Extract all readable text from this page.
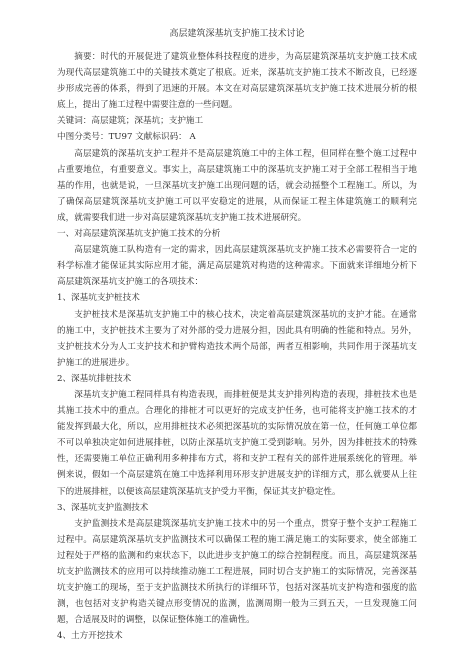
高层建筑深基坑支护施工技术讨论

摘要：时代的开展促进了建筑业整体科技程度的进步，为高层建筑深基坑支护施工技术成为现代高层建筑施工中的关键技术奠定了根底。近来，深基坑支护施工技术不断改良，已经逐步形成完善的体系，得到了迅速的开展。本文在对高层建筑深基坑支护施工技术进展分析的根底上，提出了施工过程中需要注意的一些问题。

关键词：高层建筑；深基坑；支护施工

中图分类号：TU97 文献标识码： A

高层建筑的深基坑支护工程并不是高层建筑施工中的主体工程，但同样在整个施工过程中占重要地位，有重要意义。事实上，高层建筑施工中的深基坑支护施工对于全部工程相当于地基的作用，也就是说，一旦深基坑支护施工出现问题的话，就会动摇整个工程施工。所以，为了确保高层建筑深基坑支护施工可以平安稳定的进展，从而保证工程主体建筑施工的顺利完成，就需要我们进一步对高层建筑深基坑支护施工技术进展研究。

一、对高层建筑深基坑支护施工技术的分析

高层建筑施工队构造有一定的需求，因此高层建筑深基坑支护施工技术必需要符合一定的科学标准才能保证其实际应用才能，满足高层建筑对构造的这种需求。下面就来详细地分析下高层建筑深基坑支护施工的各项技术：

1、深基坑支护桩技术

支护桩技术是深基坑支护施工中的核心技术，决定着高层建筑深基坑的支护才能。在通常的施工中，支护桩技术主要为了对外部的受力进展分担，因此具有明确的性能和特点。另外，支护桩技术分为人工支护技术和护臂构造技术两个局部，两者互相影响，共同作用于深基坑支护施工的进展进步。

2、深基坑排桩技术

深基坑支护施工程同样具有构造表现，而排桩便是其支护排列构造的表现，排桩技术也是其施工技术中的重点。合理化的排桩才可以更好的完成支护任务，也可能将支护施工技术的才能发挥到最大化，所以，应用排桩技术必须把深基坑的实际情况放在第一位，任何施工单位都不可以单独决定如何进展排桩，以防止深基坑支护施工受到影响。另外，因为排桩技术的特殊性，还需要施工单位正确利用多种排布方式，将和支护工程有关的部件进展系统化的管理。举例来说，假如一个高层建筑在施工中选择利用环形支护进展支护的详细方式，那么就要从上往下的进展排桩，以便该高层建筑深基坑支护受力平衡，保证其支护稳定性。

3、深基坑支护监测技术

支护监测技术是高层建筑深基坑支护施工技术中的另一个重点，贯穿于整个支护工程施工过程中。高层建筑深基坑支护监测技术可以确保工程的施工满足施工的实际要求，使全部施工过程处于严格的监测和约束状态下，以此进步支护施工的综合控制程度。而且，高层建筑深基坑支护监测技术的应用可以持续推动施工工程进展，同时切合支护施工的实际情况，完善深基坑支护施工的现场，至于支护监测技术所执行的详细环节，包括对深基坑支护构造和强度的监测，也包括对支护构造关键点形变情况的监测，监测周期一般为三到五天，一旦发现施工问题，合适展及时的调整，以保证整体施工的准确性。

4、土方开挖技术
